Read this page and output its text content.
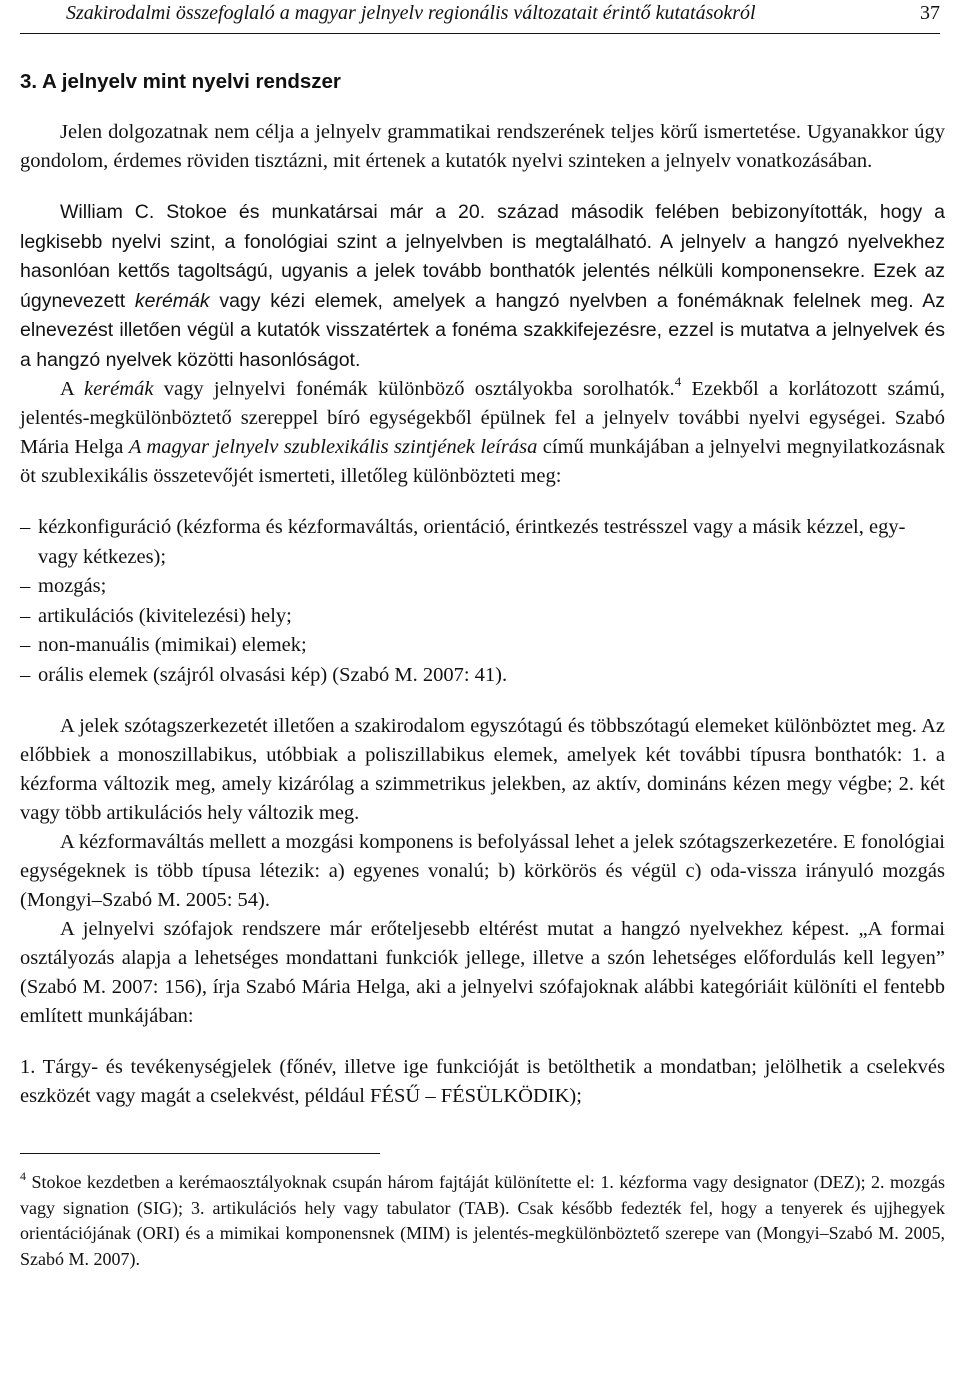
Szakirodalmi összefoglaló a magyar jelnyelv regionális változatait érintő kutatásokról	37
3. A jelnyelv mint nyelvi rendszer

Jelen dolgozatnak nem célja a jelnyelv grammatikai rendszerének teljes körű ismertetése. Ugyanakkor úgy gondolom, érdemes röviden tisztázni, mit értenek a kutatók nyelvi szinteken a jelnyelv vonatkozásában.

William C. Stokoe és munkatársai már a 20. század második felében bebizonyították, hogy a legkisebb nyelvi szint, a fonológiai szint a jelnyelvben is megtalálható. A jelnyelv a hangzó nyelvekhez hasonlóan kettős tagoltságú, ugyanis a jelek tovább bonthatók jelentés nélküli komponensekre. Ezek az úgynevezett kerémák vagy kézi elemek, amelyek a hangzó nyelvben a fonémáknak felelnek meg. Az elnevezést illetően végül a kutatók visszatértek a fonéma szakkifejezésre, ezzel is mutatva a jelnyelvek és a hangzó nyelvek közötti hasonlóságot.

A kerémák vagy jelnyelvi fonémák különböző osztályokba sorolhatók.$^4$ Ezekből a korlátozott számú, jelentés-megkülönböztető szereppel bíró egységekből épülnek fel a jelnyelv további nyelvi egységei. Szabó Mária Helga A magyar jelnyelv szublexikális szintjének leírása című munkájában a jelnyelvi megnyilatkozásnak öt szublexikális összetevőjét ismerteti, illetőleg különbözteti meg:

– kézkonfiguráció (kézforma és kézformaváltás, orientáció, érintkezés testrésszel vagy a másik kézzel, egy- vagy kétkezes);
– mozgás;
– artikulációs (kivitelezési) hely;
– non-manuális (mimikai) elemek;
– orális elemek (szájról olvasási kép) (Szabó M. 2007: 41).

A jelek szótagszerkezetét illetően a szakirodalom egyszótagú és többszótagú elemeket különböztet meg. Az előbbiek a monoszillabikus, utóbbiak a poliszillabikus elemek, amelyek két további típusra bonthatók: 1. a kézforma változik meg, amely kizárólag a szimmetrikus jelekben, az aktív, domináns kézen megy végbe; 2. két vagy több artikulációs hely változik meg.

A kézformaváltás mellett a mozgási komponens is befolyással lehet a jelek szótagszerkezetére. E fonológiai egységeknek is több típusa létezik: a) egyenes vonalú; b) körkörös és végül c) oda-vissza irányuló mozgás (Mongyi–Szabó M. 2005: 54).

A jelnyelvi szófajok rendszere már erőteljesebb eltérést mutat a hangzó nyelvekhez képest. „A formai osztályozás alapja a lehetséges mondattani funkciók jellege, illetve a szón lehetséges előfordulás kell legyen” (Szabó M. 2007: 156), írja Szabó Mária Helga, aki a jelnyelvi szófajoknak alábbi kategóriáit különíti el fentebb említett munkájában:

1. Tárgy- és tevékenységjelek (főnév, illetve ige funkcióját is betölthetik a mondatban; jelölhetik a cselekvés eszközét vagy magát a cselekvést, például FÉSŰ – FÉSÜLKÖDIK);

$^4$ Stokoe kezdetben a kerémaosztályoknak csupán három fajtáját különítette el: 1. kézforma vagy designator (DEZ); 2. mozgás vagy signation (SIG); 3. artikulációs hely vagy tabulator (TAB). Csak később fedezték fel, hogy a tenyerek és ujjhegyek orientációjának (ORI) és a mimikai komponensnek (MIM) is jelentés-megkülönböztető szerepe van (Mongyi–Szabó M. 2005, Szabó M. 2007).
